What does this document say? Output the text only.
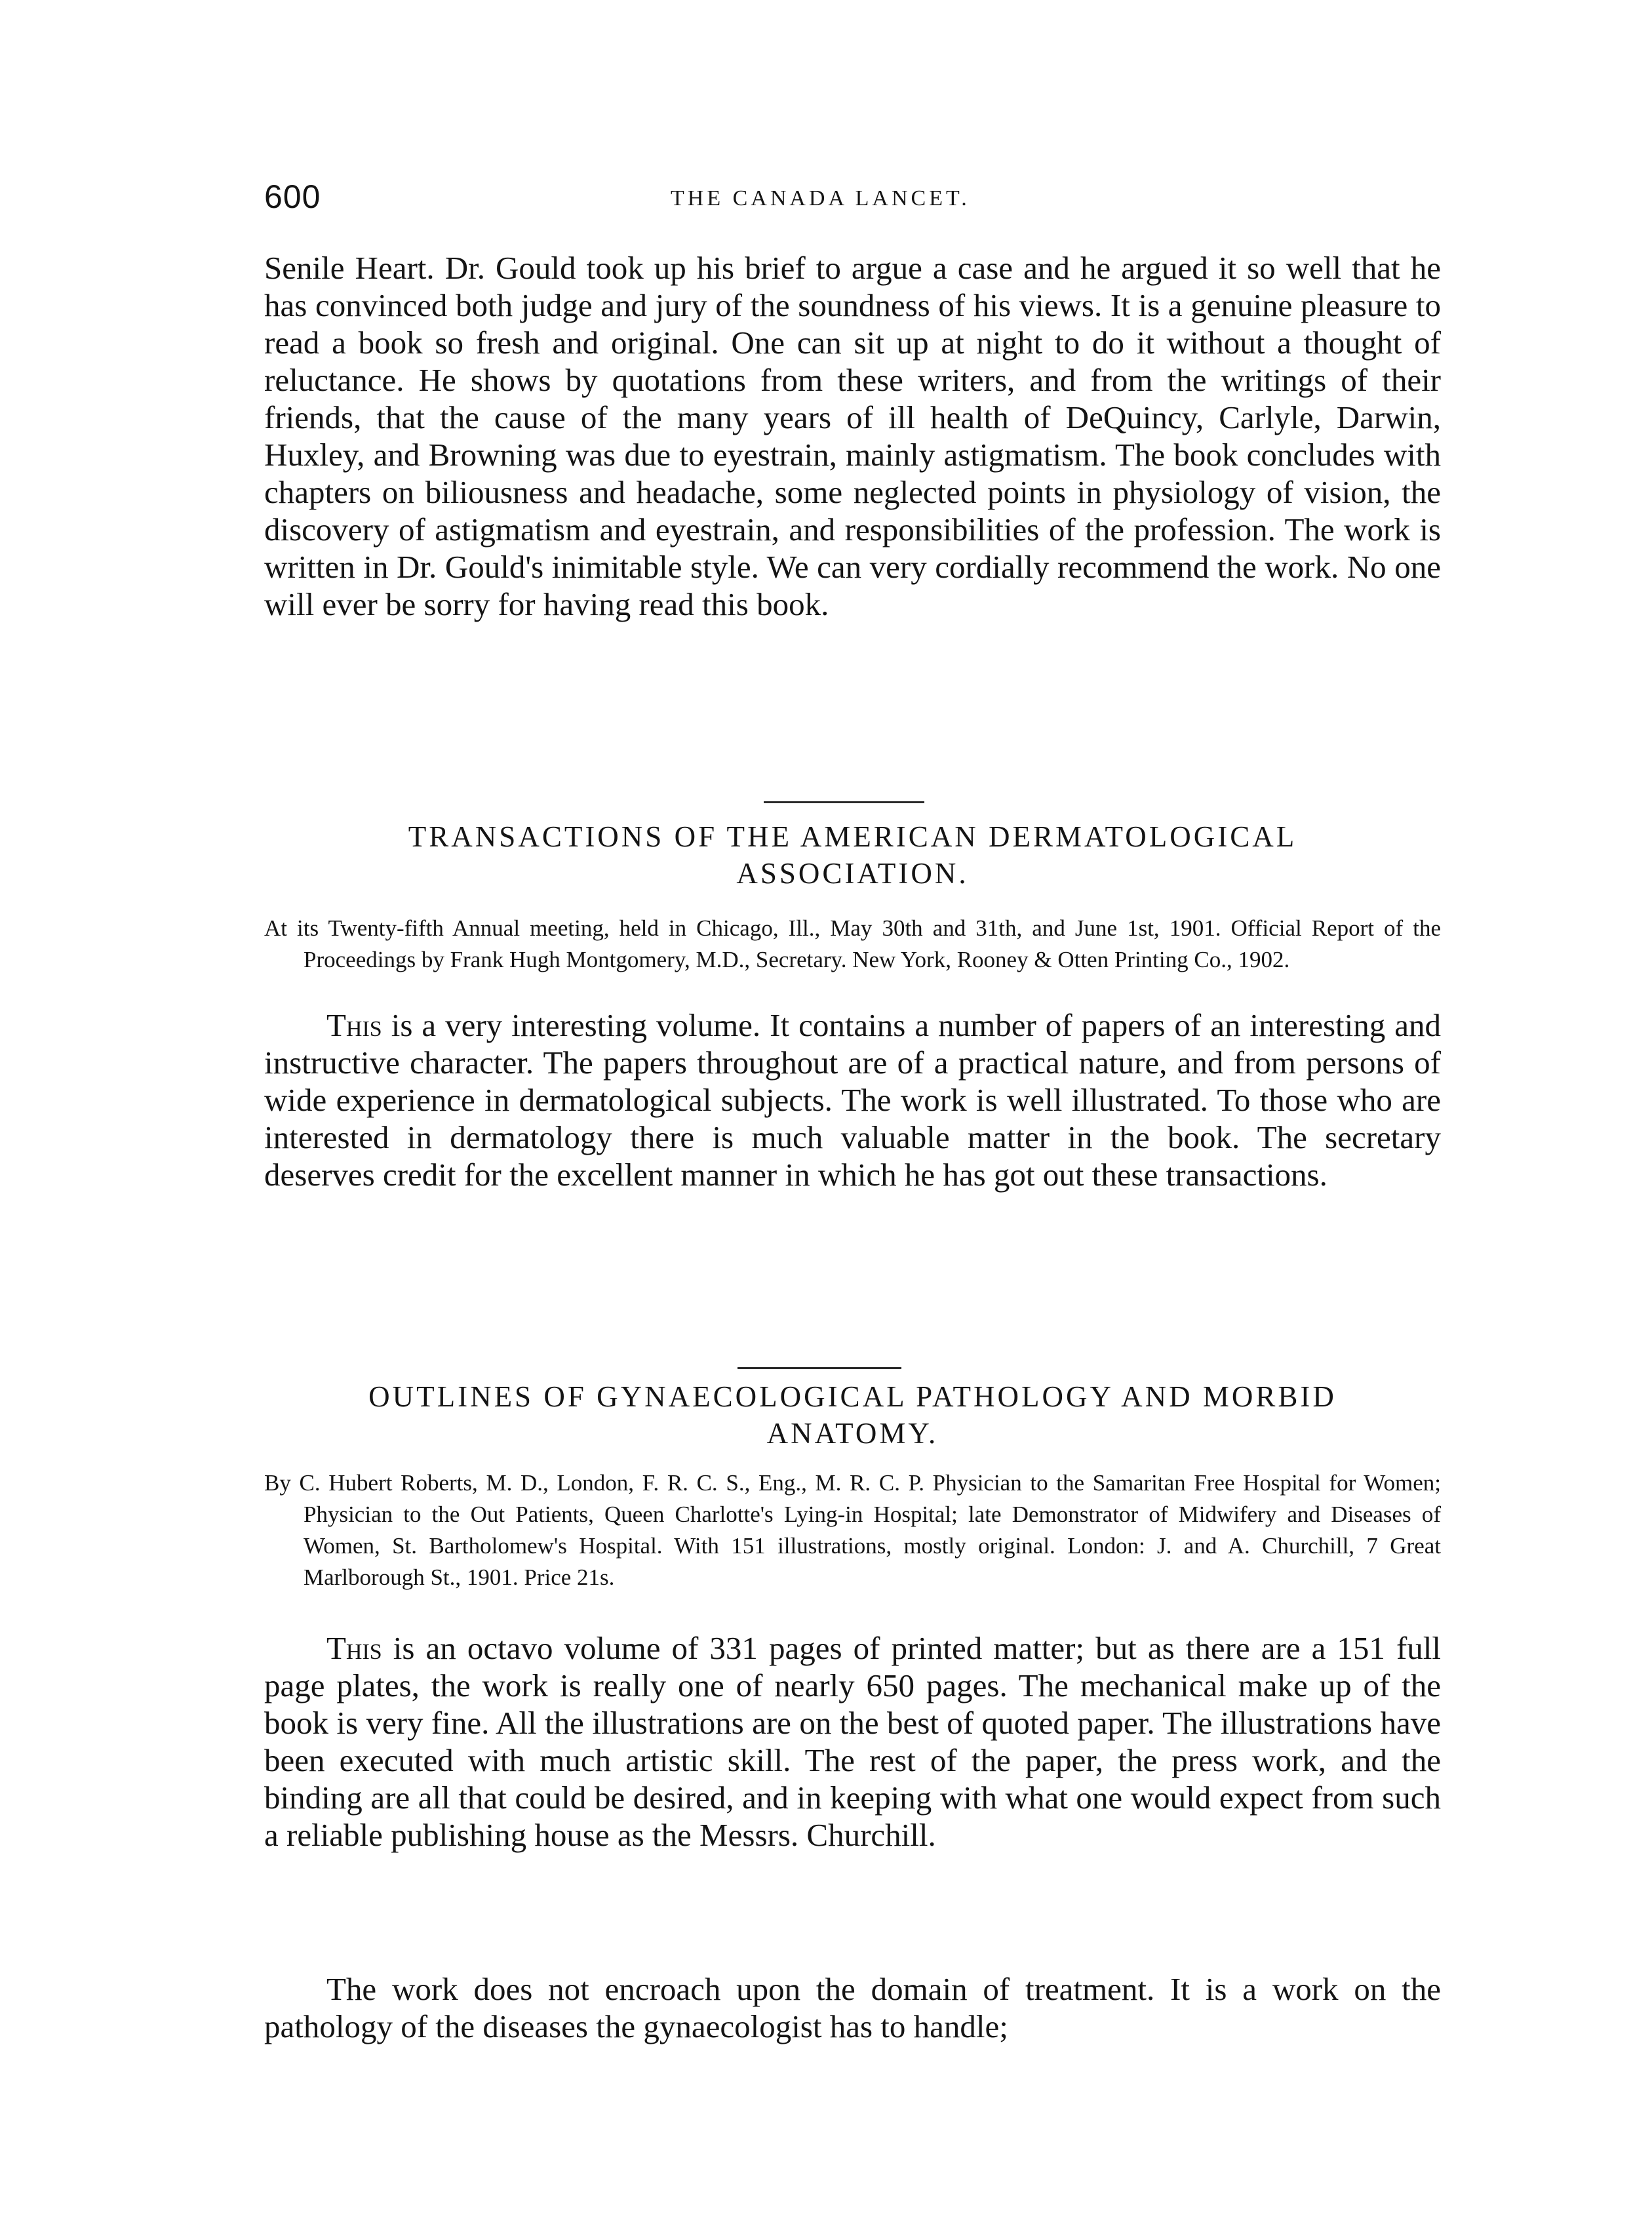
600	THE CANADA LANCET.

Senile Heart. Dr. Gould took up his brief to argue a case and he argued it so well that he has convinced both judge and jury of the soundness of his views. It is a genuine pleasure to read a book so fresh and original. One can sit up at night to do it without a thought of reluctance. He shows by quotations from these writers, and from the writings of their friends, that the cause of the many years of ill health of DeQuincy, Carlyle, Darwin, Huxley, and Browning was due to eyestrain, mainly astigmatism. The book concludes with chapters on biliousness and headache, some neglected points in physiology of vision, the discovery of astigmatism and eyestrain, and responsibilities of the profession. The work is written in Dr. Gould's inimitable style. We can very cordially recommend the work. No one will ever be sorry for having read this book.

TRANSACTIONS OF THE AMERICAN DERMATOLOGICAL
ASSOCIATION.

At its Twenty-fifth Annual meeting, held in Chicago, Ill., May 30th and 31th, and June 1st, 1901. Official Report of the Proceedings by Frank Hugh Montgomery, M.D., Secretary. New York, Rooney & Otten Printing Co., 1902.

This is a very interesting volume. It contains a number of papers of an interesting and instructive character. The papers throughout are of a practical nature, and from persons of wide experience in dermatological subjects. The work is well illustrated. To those who are interested in dermatology there is much valuable matter in the book. The secretary deserves credit for the excellent manner in which he has got out these transactions.

OUTLINES OF GYNAECOLOGICAL PATHOLOGY AND MORBID
ANATOMY.

By C. Hubert Roberts, M. D., London, F. R. C. S., Eng., M. R. C. P. Physician to the Samaritan Free Hospital for Women; Physician to the Out Patients, Queen Charlotte's Lying-in Hospital; late Demonstrator of Midwifery and Diseases of Women, St. Bartholomew's Hospital. With 151 illustrations, mostly original. London: J. and A. Churchill, 7 Great Marlborough St., 1901. Price 21s.

This is an octavo volume of 331 pages of printed matter; but as there are a 151 full page plates, the work is really one of nearly 650 pages. The mechanical make up of the book is very fine. All the illustrations are on the best of quoted paper. The illustrations have been executed with much artistic skill. The rest of the paper, the press work, and the binding are all that could be desired, and in keeping with what one would expect from such a reliable publishing house as the Messrs. Churchill.

The work does not encroach upon the domain of treatment. It is a work on the pathology of the diseases the gynaecologist has to handle;
